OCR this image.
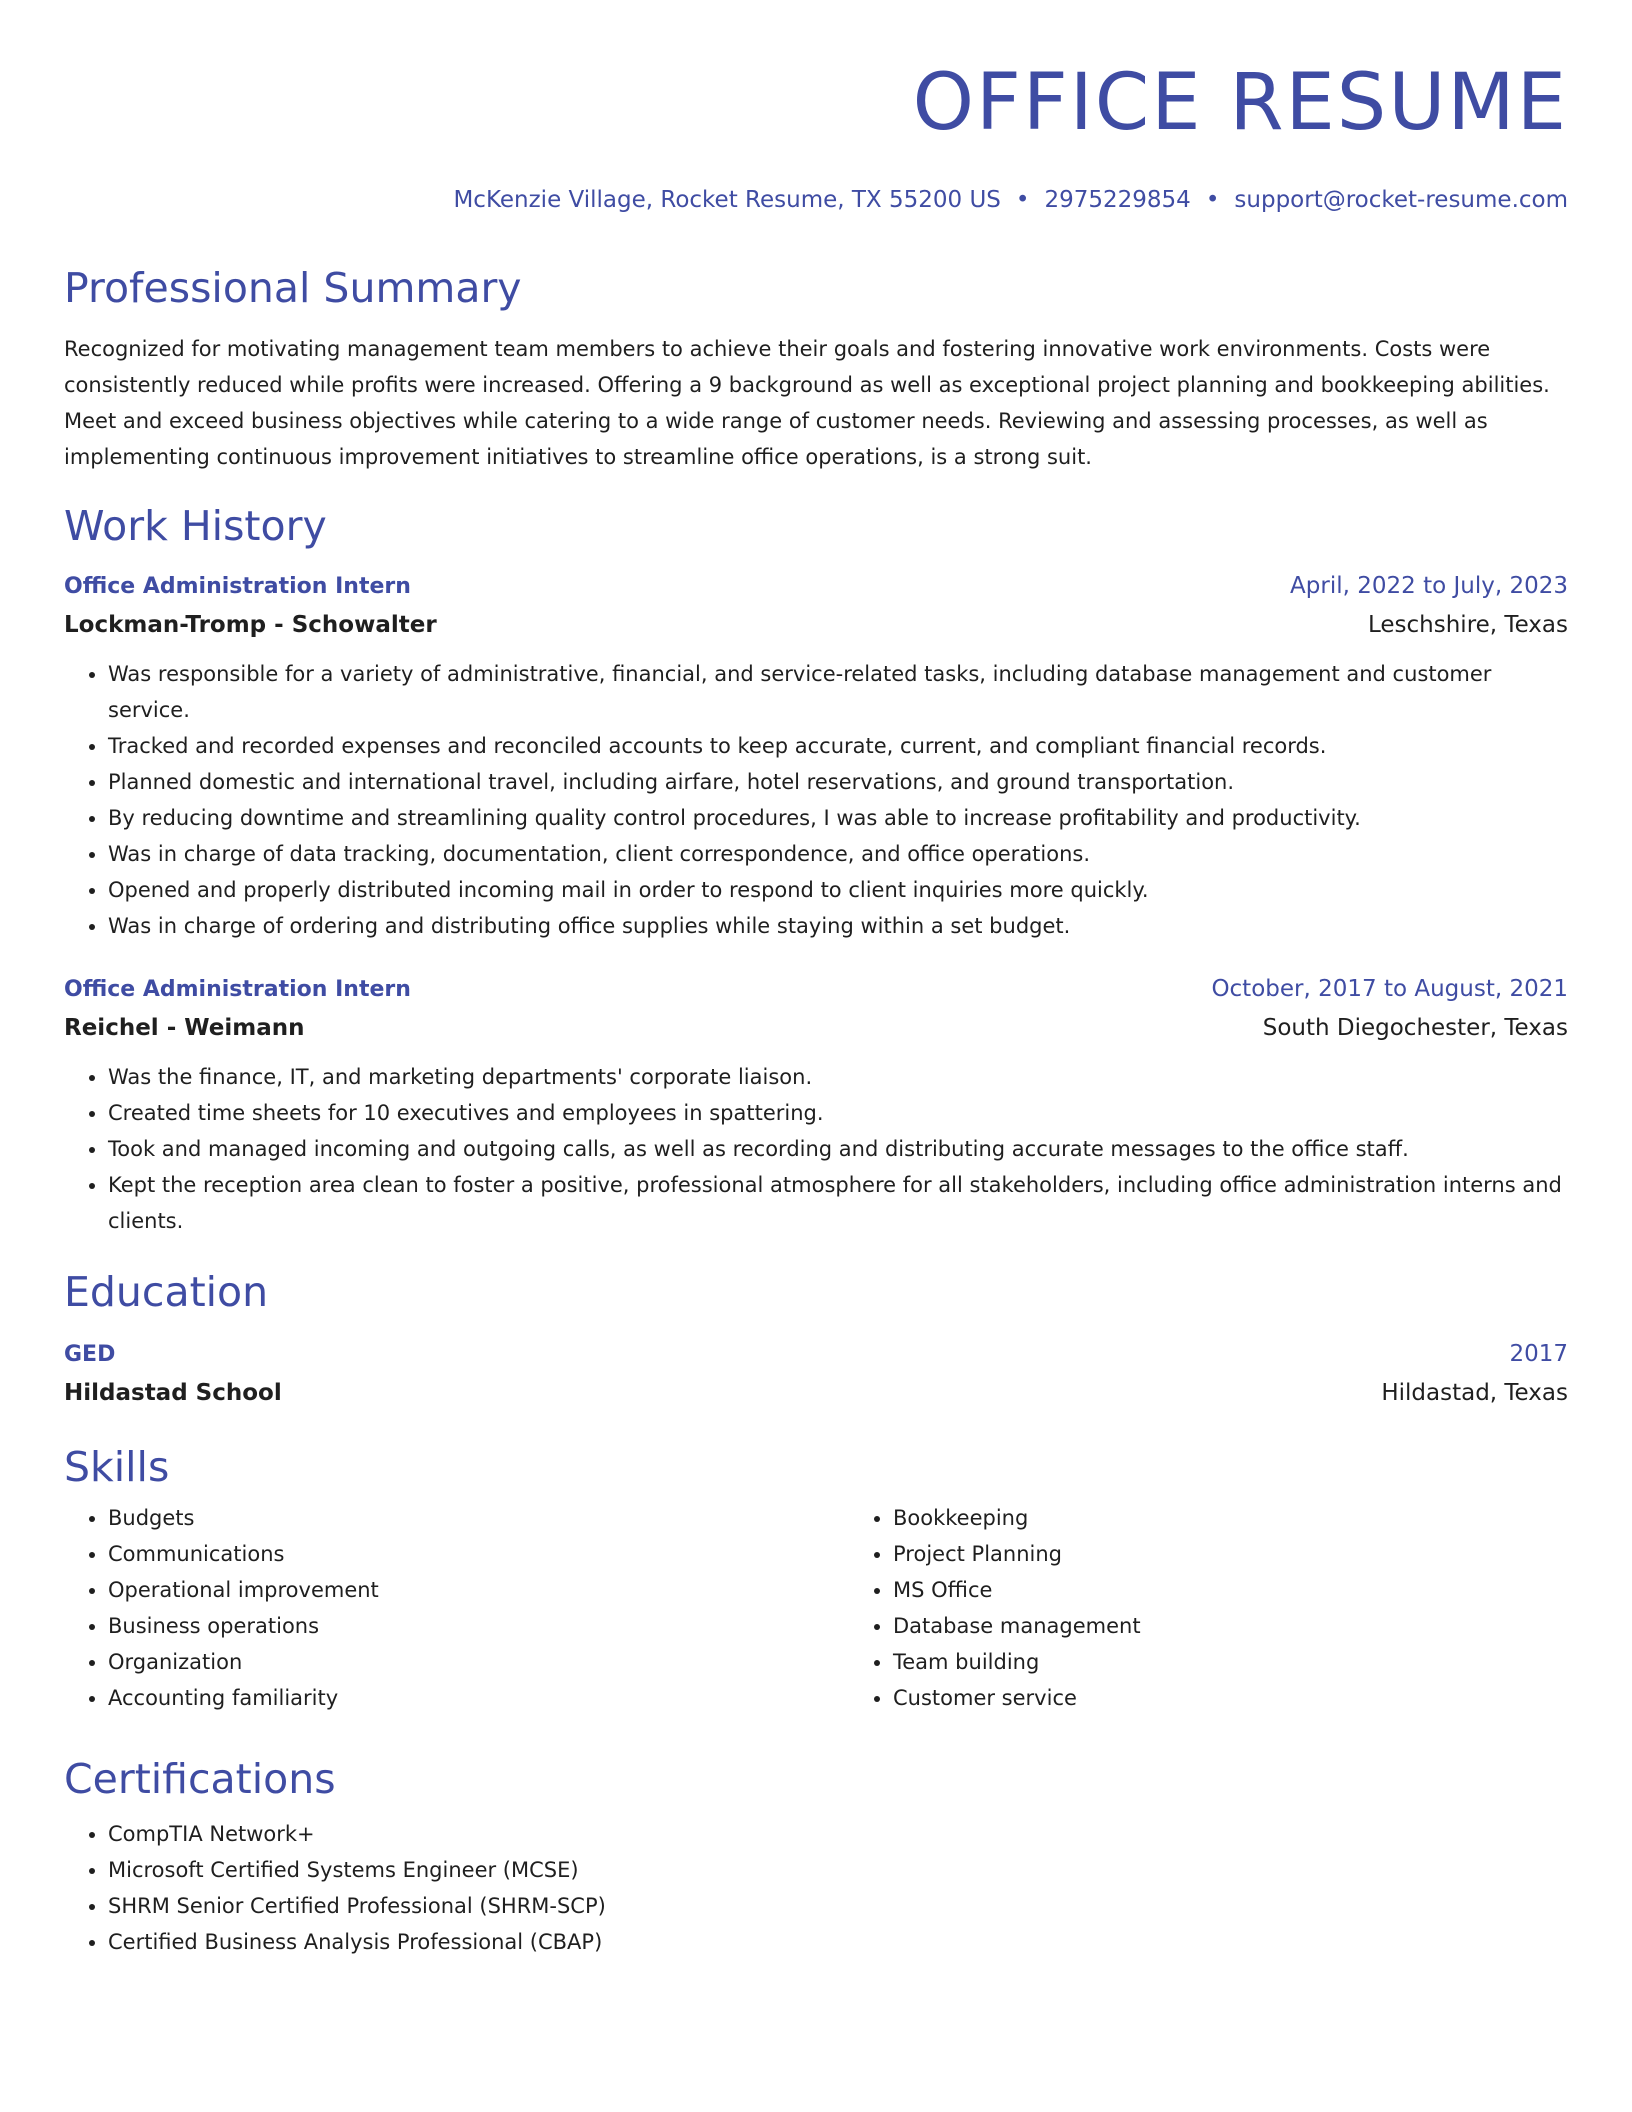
OFFICE RESUME
McKenzie Village, Rocket Resume, TX 55200 US • 2975229854 • support@rocket-resume.com
Professional Summary
Recognized for motivating management team members to achieve their goals and fostering innovative work environments. Costs were consistently reduced while profits were increased. Offering a 9 background as well as exceptional project planning and bookkeeping abilities. Meet and exceed business objectives while catering to a wide range of customer needs. Reviewing and assessing processes, as well as implementing continuous improvement initiatives to streamline office operations, is a strong suit.
Work History
Office Administration Intern	April, 2022 to July, 2023
Lockman-Tromp - Schowalter	Leschshire, Texas
• Was responsible for a variety of administrative, financial, and service-related tasks, including database management and customer service.
• Tracked and recorded expenses and reconciled accounts to keep accurate, current, and compliant financial records.
• Planned domestic and international travel, including airfare, hotel reservations, and ground transportation.
• By reducing downtime and streamlining quality control procedures, I was able to increase profitability and productivity.
• Was in charge of data tracking, documentation, client correspondence, and office operations.
• Opened and properly distributed incoming mail in order to respond to client inquiries more quickly.
• Was in charge of ordering and distributing office supplies while staying within a set budget.
Office Administration Intern	October, 2017 to August, 2021
Reichel - Weimann	South Diegochester, Texas
• Was the finance, IT, and marketing departments' corporate liaison.
• Created time sheets for 10 executives and employees in spattering.
• Took and managed incoming and outgoing calls, as well as recording and distributing accurate messages to the office staff.
• Kept the reception area clean to foster a positive, professional atmosphere for all stakeholders, including office administration interns and clients.
Education
GED	2017
Hildastad School	Hildastad, Texas
Skills
• Budgets
• Communications
• Operational improvement
• Business operations
• Organization
• Accounting familiarity
• Bookkeeping
• Project Planning
• MS Office
• Database management
• Team building
• Customer service
Certifications
• CompTIA Network+
• Microsoft Certified Systems Engineer (MCSE)
• SHRM Senior Certified Professional (SHRM-SCP)
• Certified Business Analysis Professional (CBAP)
